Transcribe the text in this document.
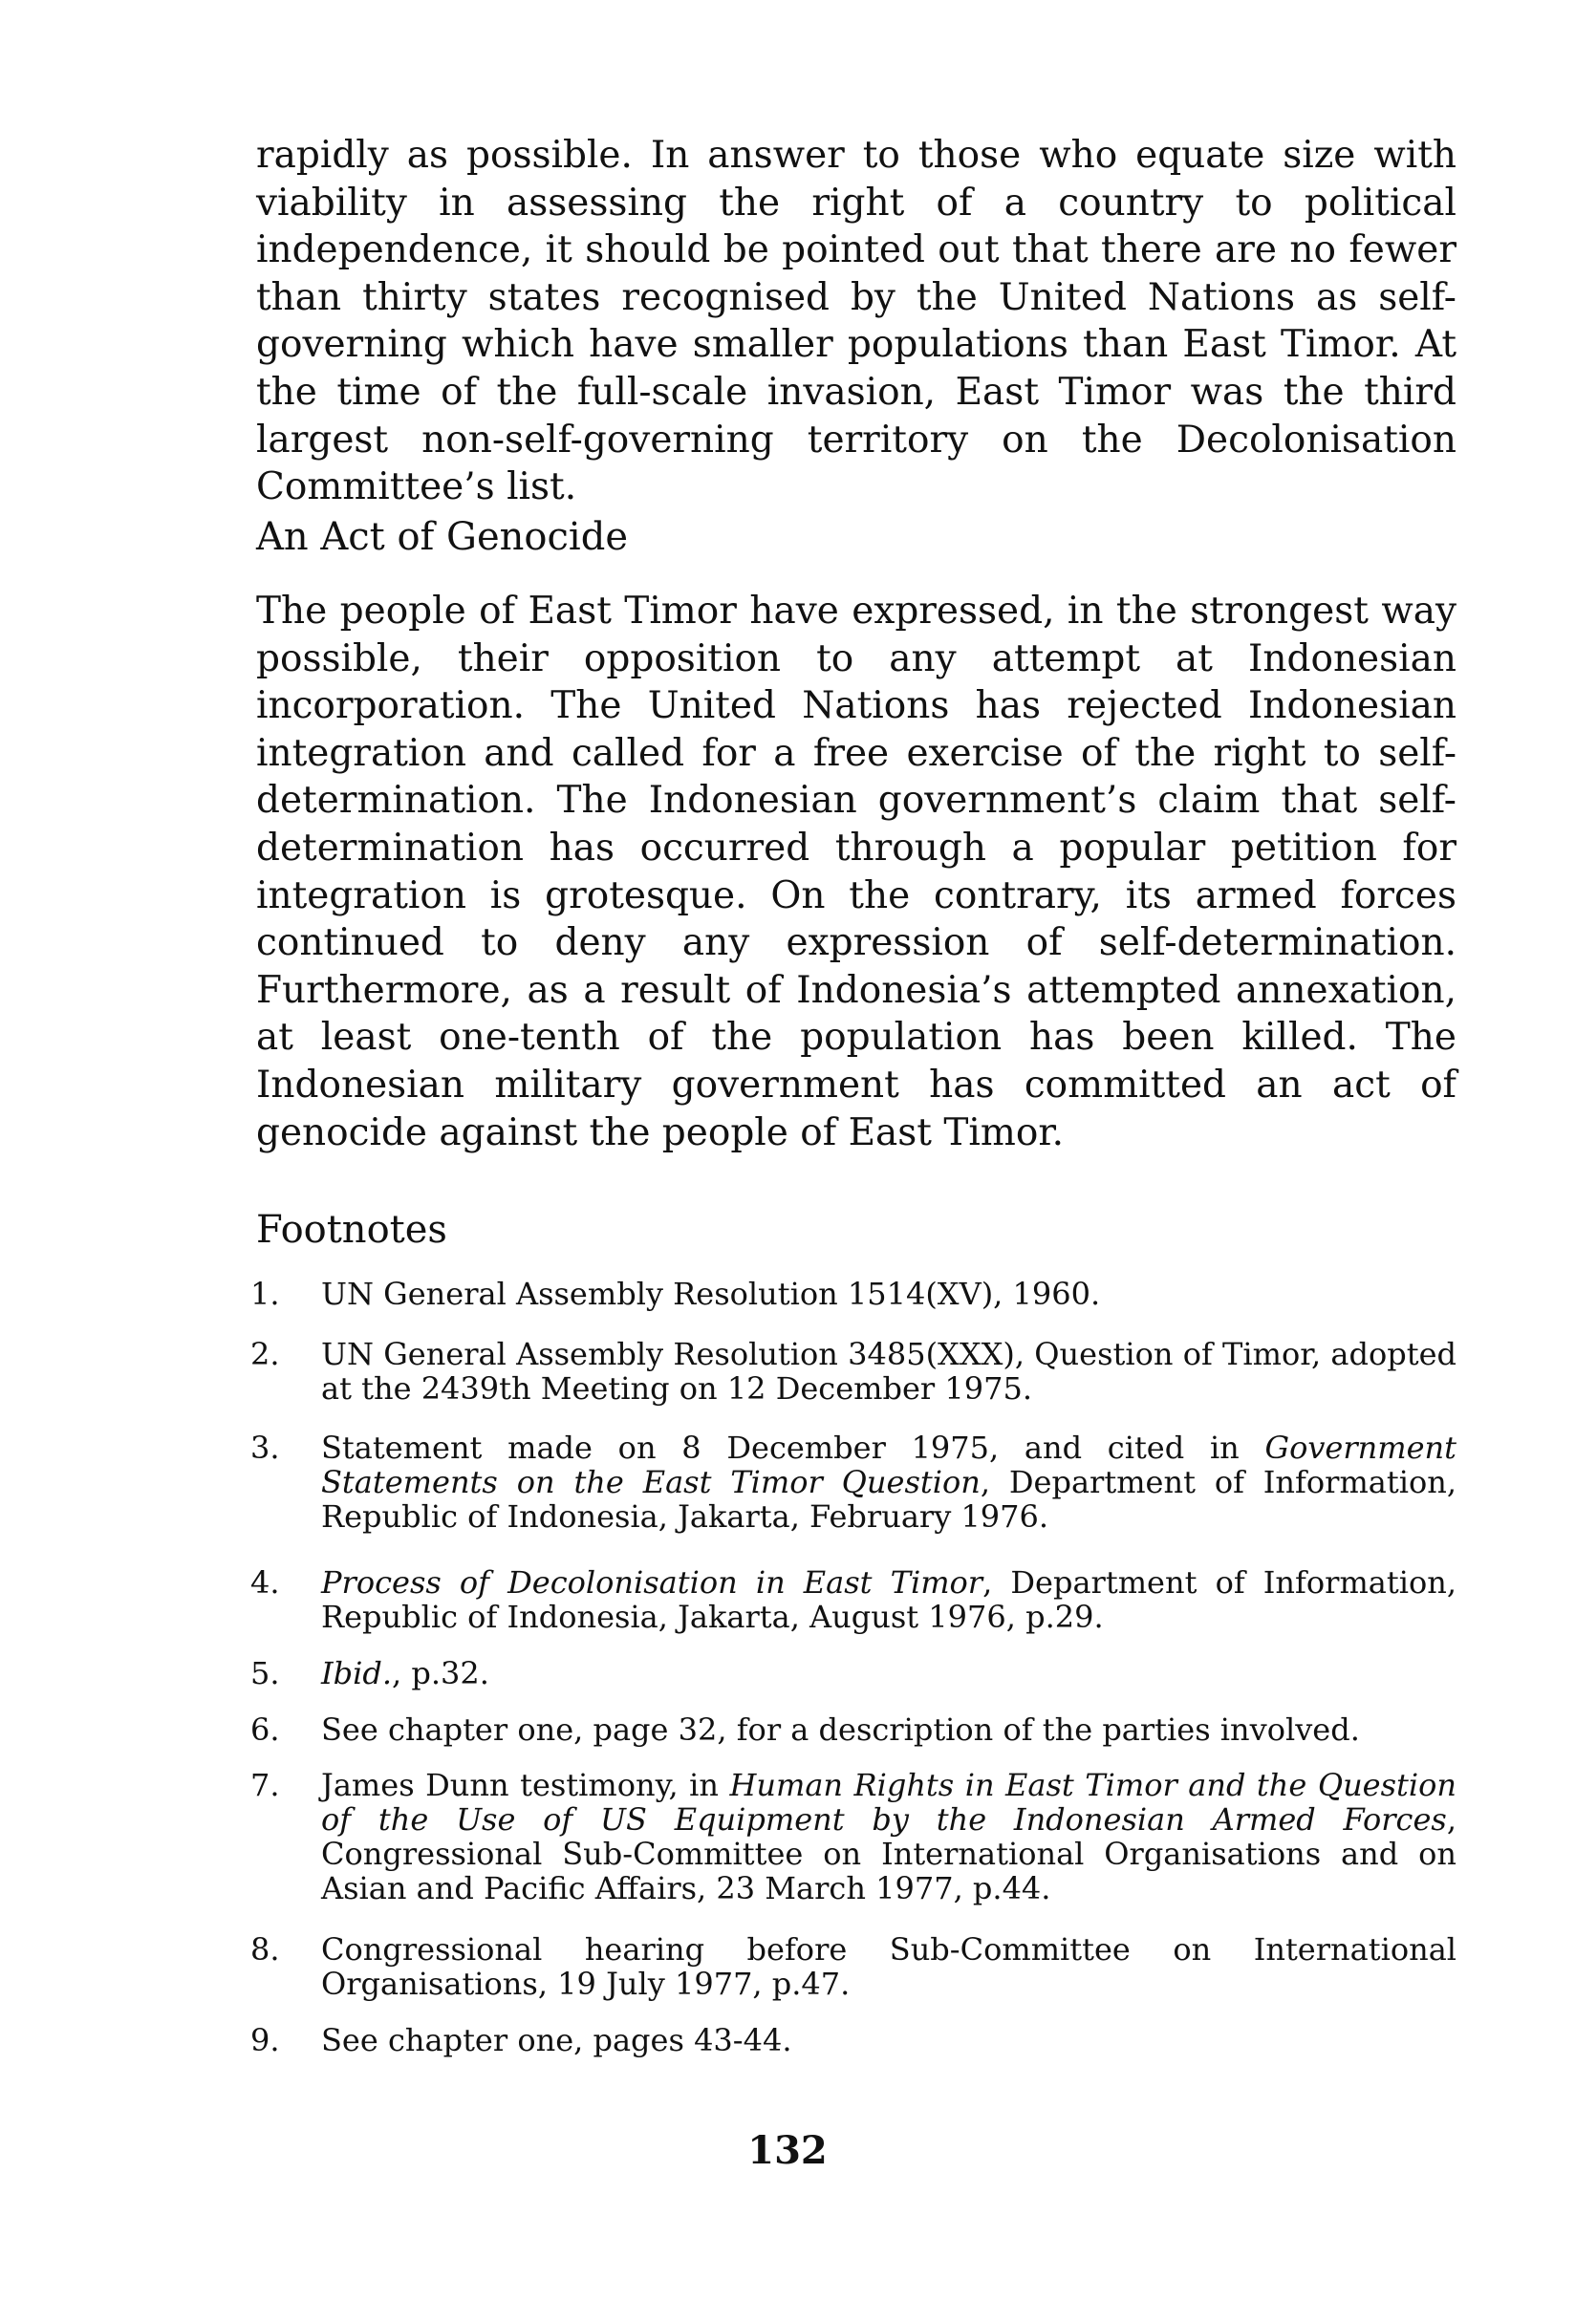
rapidly as possible. In answer to those who equate size with viability in assessing the right of a country to political independence, it should be pointed out that there are no fewer than thirty states recognised by the United Nations as self-governing which have smaller populations than East Timor. At the time of the full-scale invasion, East Timor was the third largest non-self-governing territory on the Decolonisation Committee’s list.

An Act of Genocide

The people of East Timor have expressed, in the strongest way possible, their opposition to any attempt at Indonesian incorporation. The United Nations has rejected Indonesian integration and called for a free exercise of the right to self-determination. The Indonesian government’s claim that self-determination has occurred through a popular petition for integration is grotesque. On the contrary, its armed forces continued to deny any expression of self-determination. Furthermore, as a result of Indonesia’s attempted annexation, at least one-tenth of the population has been killed. The Indonesian military government has committed an act of genocide against the people of East Timor.

Footnotes
1.	UN General Assembly Resolution 1514(XV), 1960.
2.	UN General Assembly Resolution 3485(XXX), Question of Timor, adopted at the 2439th Meeting on 12 December 1975.
3.	Statement made on 8 December 1975, and cited in Government Statements on the East Timor Question, Department of Information, Republic of Indonesia, Jakarta, February 1976.
4.	Process of Decolonisation in East Timor, Department of Information, Republic of Indonesia, Jakarta, August 1976, p.29.
5.	Ibid., p.32.
6.	See chapter one, page 32, for a description of the parties involved.
7.	James Dunn testimony, in Human Rights in East Timor and the Question of the Use of US Equipment by the Indonesian Armed Forces, Congressional Sub-Committee on International Organisations and on Asian and Pacific Affairs, 23 March 1977, p.44.
8.	Congressional hearing before Sub-Committee on International Organisations, 19 July 1977, p.47.
9.	See chapter one, pages 43-44.
132
